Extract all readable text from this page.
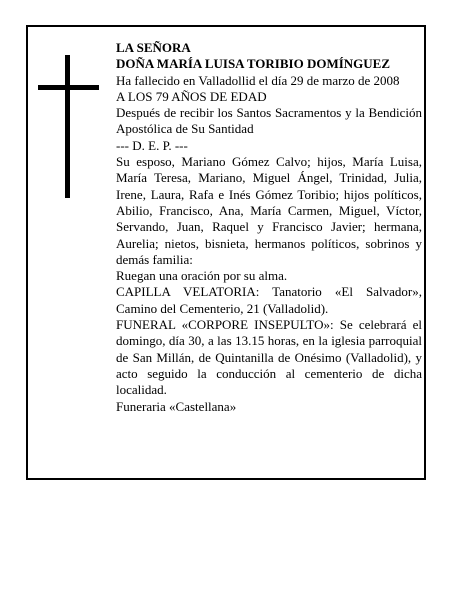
LA SEÑORA
DOÑA MARÍA LUISA TORIBIO DOMÍNGUEZ
Ha fallecido en Valladollid el día 29 de marzo de 2008
A LOS 79 AÑOS DE EDAD
Después de recibir los Santos Sacramentos y la Bendición Apostólica de Su Santidad
--- D. E. P. ---
Su esposo, Mariano Gómez Calvo; hijos, María Luisa, María Teresa, Mariano, Miguel Ángel, Trinidad, Julia, Irene, Laura, Rafa e Inés Gómez Toribio; hijos políticos, Abilio, Francisco, Ana, María Carmen, Miguel, Víctor, Servando, Juan, Raquel y Francisco Javier; hermana, Aurelia; nietos, bisnieta, hermanos políticos, sobrinos y demás familia:
Ruegan una oración por su alma.
CAPILLA VELATORIA: Tanatorio «El Salvador», Camino del Cementerio, 21 (Valladolid).
FUNERAL «CORPORE INSEPULTO»: Se celebrará el domingo, día 30, a las 13.15 horas, en la iglesia parroquial de San Millán, de Quintanilla de Onésimo (Valladolid), y acto seguido la conducción al cementerio de dicha localidad.
Funeraria «Castellana»
